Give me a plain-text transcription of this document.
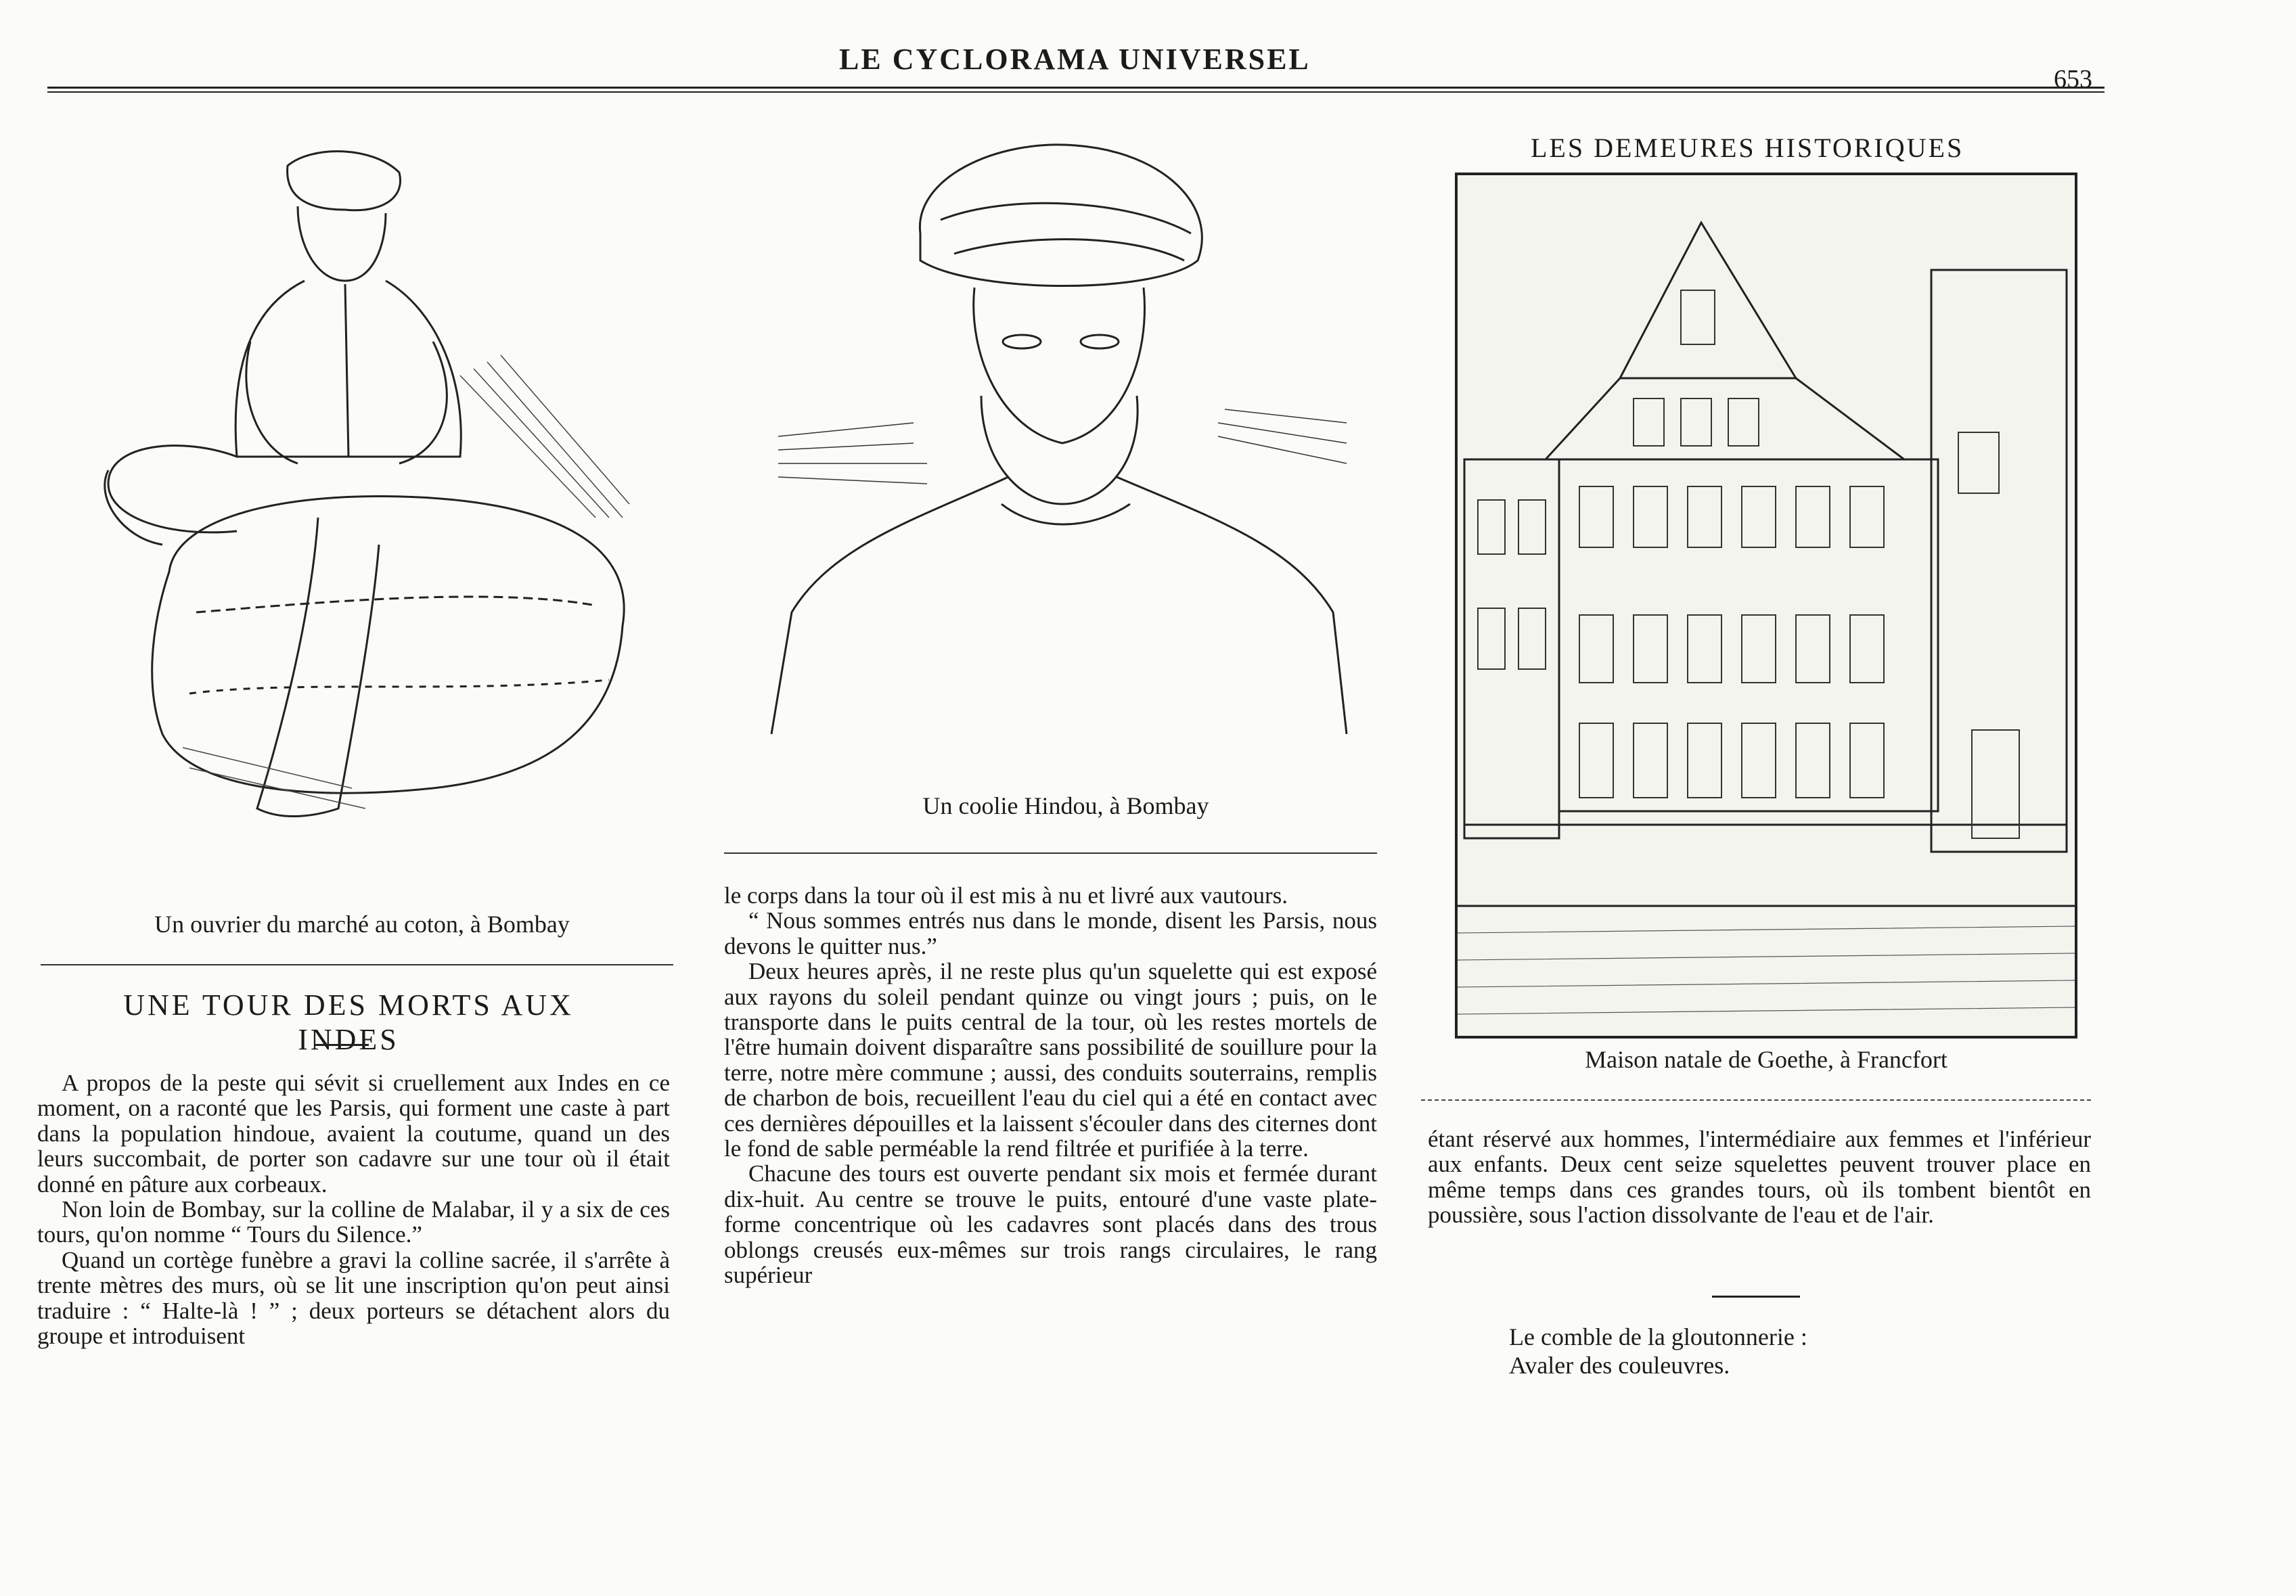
LE CYCLORAMA UNIVERSEL
653
Un ouvrier du marché au coton, à Bombay
UNE TOUR DES MORTS AUX INDES

A propos de la peste qui sévit si cruellement aux Indes en ce moment, on a raconté que les Parsis, qui forment une caste à part dans la population hindoue, avaient la coutume, quand un des leurs succombait, de porter son cadavre sur une tour où il était donné en pâture aux corbeaux.

Non loin de Bombay, sur la colline de Malabar, il y a six de ces tours, qu'on nomme “ Tours du Silence.”

Quand un cortège funèbre a gravi la colline sacrée, il s'arrête à trente mètres des murs, où se lit une inscription qu'on peut ainsi traduire : “ Halte-là ! ” ; deux porteurs se détachent alors du groupe et introduisent

Un coolie Hindou, à Bombay

le corps dans la tour où il est mis à nu et livré aux vautours.

“ Nous sommes entrés nus dans le monde, disent les Parsis, nous devons le quitter nus.”

Deux heures après, il ne reste plus qu'un squelette qui est exposé aux rayons du soleil pendant quinze ou vingt jours ; puis, on le transporte dans le puits central de la tour, où les restes mortels de l'être humain doivent disparaître sans possibilité de souillure pour la terre, notre mère commune ; aussi, des conduits souterrains, remplis de charbon de bois, recueillent l'eau du ciel qui a été en contact avec ces dernières dépouilles et la laissent s'écouler dans des citernes dont le fond de sable perméable la rend filtrée et purifiée à la terre.

Chacune des tours est ouverte pendant six mois et fermée durant dix-huit. Au centre se trouve le puits, entouré d'une vaste plate-forme concentrique où les cadavres sont placés dans des trous oblongs creusés eux-mêmes sur trois rangs circulaires, le rang supérieur

LES DEMEURES HISTORIQUES
Maison natale de Goethe, à Francfort

étant réservé aux hommes, l'intermédiaire aux femmes et l'inférieur aux enfants. Deux cent seize squelettes peuvent trouver place en même temps dans ces grandes tours, où ils tombent bientôt en poussière, sous l'action dissolvante de l'eau et de l'air.

Le comble de la gloutonnerie :
Avaler des couleuvres.
